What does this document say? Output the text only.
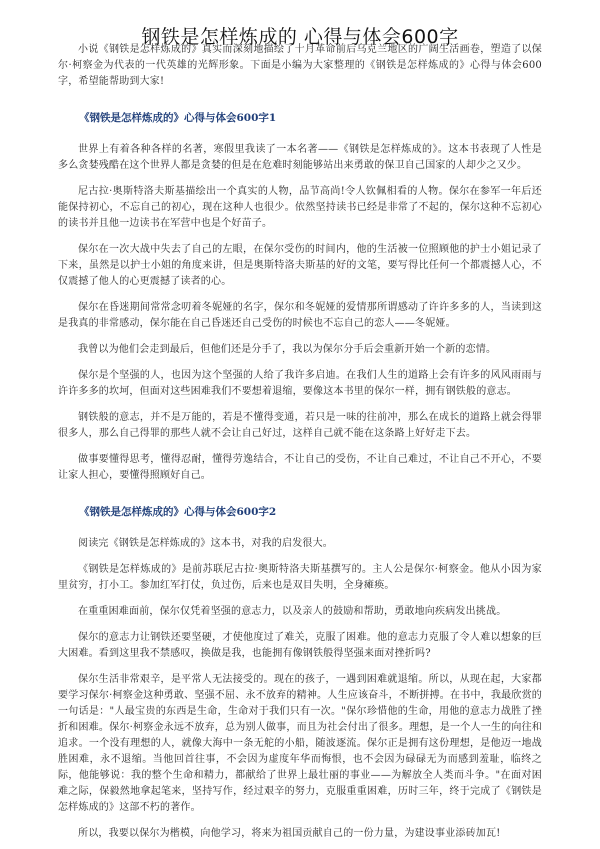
钢铁是怎样炼成的 心得与体会600字

小说《钢铁是怎样炼成的》真实而深刻地描绘了十月革命前后乌克兰地区的广阔生活画卷，塑造了以保尔·柯察金为代表的一代英雄的光辉形象。下面是小编为大家整理的《钢铁是怎样炼成的》心得与体会600字，希望能帮助到大家!

《钢铁是怎样炼成的》心得与体会600字1

世界上有着各种各样的名著，寒假里我读了一本名著——《钢铁是怎样炼成的》。这本书表现了人性是多么贪婪残酷在这个世界人都是贪婪的但是在危难时刻能够站出来勇敢的保卫自己国家的人却少之又少。

尼古拉·奥斯特洛夫斯基描绘出一个真实的人物，品节高尚!令人钦佩相看的人物。保尔在参军一年后还能保持初心，不忘自己的初心，现在这种人也很少。依然坚持读书已经是非常了不起的，保尔这种不忘初心的读书并且他一边读书在军营中也是个好苗子。

保尔在一次大战中失去了自己的左眼，在保尔受伤的时间内，他的生活被一位照顾他的护士小姐记录了下来，虽然是以护士小姐的角度来讲，但是奥斯特洛夫斯基的好的文笔，要写得比任何一个都震撼人心，不仅震撼了他人的心更震撼了读者的心。

保尔在昏迷期间常常念叨着冬妮娅的名字，保尔和冬妮娅的爱情那所谓感动了许许多多的人，当读到这是我真的非常感动，保尔能在自己昏迷还自己受伤的时候也不忘自己的恋人——冬妮娅。

我曾以为他们会走到最后，但他们还是分手了，我以为保尔分手后会重新开始一个新的恋情。

保尔是个坚强的人，也因为这个坚强的人给了我许多启迪。在我们人生的道路上会有许多的风风雨雨与许许多多的坎坷，但面对这些困难我们不要想着退缩，要像这本书里的保尔一样，拥有钢铁般的意志。

钢铁般的意志，并不是万能的，若是不懂得变通，若只是一味的往前冲，那么在成长的道路上就会得罪很多人，那么自己得罪的那些人就不会让自己好过，这样自己就不能在这条路上好好走下去。

做事要懂得思考，懂得忍耐，懂得劳逸结合，不让自己的受伤，不让自己难过，不让自己不开心，不要让家人担心，要懂得照顾好自己。

《钢铁是怎样炼成的》心得与体会600字2

阅读完《钢铁是怎样炼成的》这本书，对我的启发很大。

《钢铁是怎样炼成的》是前苏联尼古拉·奥斯特洛夫斯基撰写的。主人公是保尔·柯察金。他从小因为家里贫穷，打小工。参加红军打仗，负过伤，后来也是双目失明，全身瘫痪。

在重重困难面前，保尔仅凭着坚强的意志力，以及亲人的鼓励和帮助，勇敢地向疾病发出挑战。

保尔的意志力让钢铁还要坚硬，才使他度过了难关，克服了困难。他的意志力克服了令人难以想象的巨大困难。看到这里我不禁感叹，换做是我，也能拥有像钢铁般得坚强来面对挫折吗?

保尔生活非常艰辛，是平常人无法接受的。现在的孩子，一遇到困难就退缩。所以，从现在起，大家都要学习保尔·柯察金这种勇敢、坚强不屈、永不放弃的精神。人生应该奋斗，不断拼搏。在书中，我最欣赏的一句话是："人最宝贵的东西是生命，生命对于我们只有一次。"保尔珍惜他的生命，用他的意志力战胜了挫折和困难。保尔·柯察金永远不放弃，总为别人做事，而且为社会付出了很多。理想，是一个人一生的向往和追求。一个没有理想的人，就像大海中一条无舵的小船，随波逐流。保尔正是拥有这份理想，是他迈一地战胜困难，永不退缩。当他回首往事，不会因为虚度年华而悔恨，也不会因为碌碌无为而感到羞耻，临终之际，他能够说：我的整个生命和精力，都献给了世界上最壮丽的事业——为解放全人类而斗争。"在面对困难之际，保毅然地拿起笔来，坚持写作，经过艰辛的努力，克服重重困难，历时三年，终于完成了《钢铁是怎样炼成的》这部不朽的著作。

所以，我要以保尔为楷模，向他学习，将来为祖国贡献自己的一份力量，为建设事业添砖加瓦!
